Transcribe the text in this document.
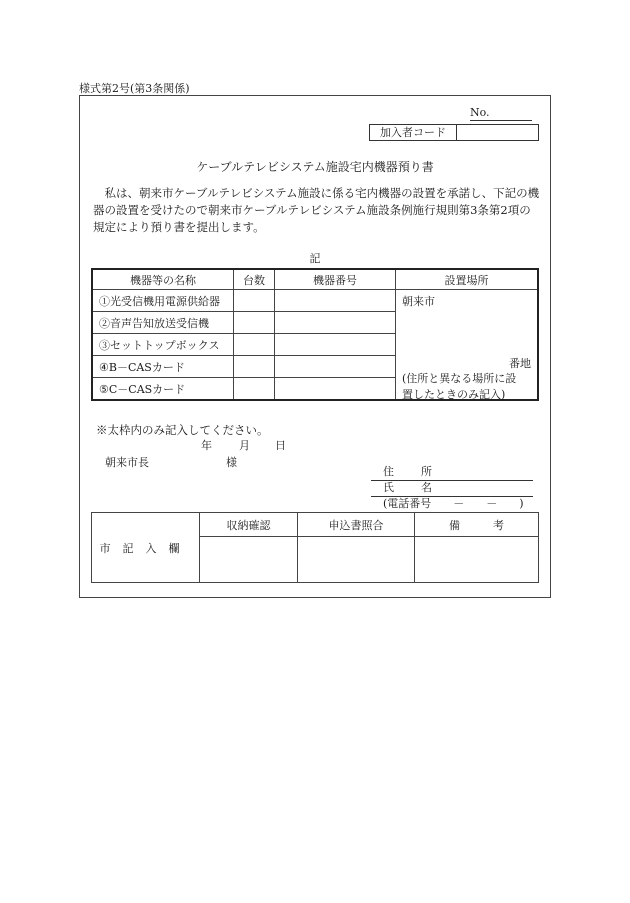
様式第2号(第3条関係)
No.
加入者コード
ケーブルテレビシステム施設宅内機器預り書
私は、朝来市ケーブルテレビシステム施設に係る宅内機器の設置を承諾し、下記の機器の設置を受けたので朝来市ケーブルテレビシステム施設条例施行規則第3条第2項の規定により預り書を提出します。
記
機器等の名称	台数	機器番号	設置場所
①光受信機用電源供給器			朝来市
番地
(住所と異なる場所に設
置したときのみ記入)

②音声告知放送受信機			
③セットトップボックス			
④B－CASカード			
⑤C－CASカード			
※太枠内のみ記入してください。
年 月 日
朝来市長	様
住　所
氏　名
(電話番号　　－　　－　　)
市記入欄	収納確認	申込書照合	備　　　考
